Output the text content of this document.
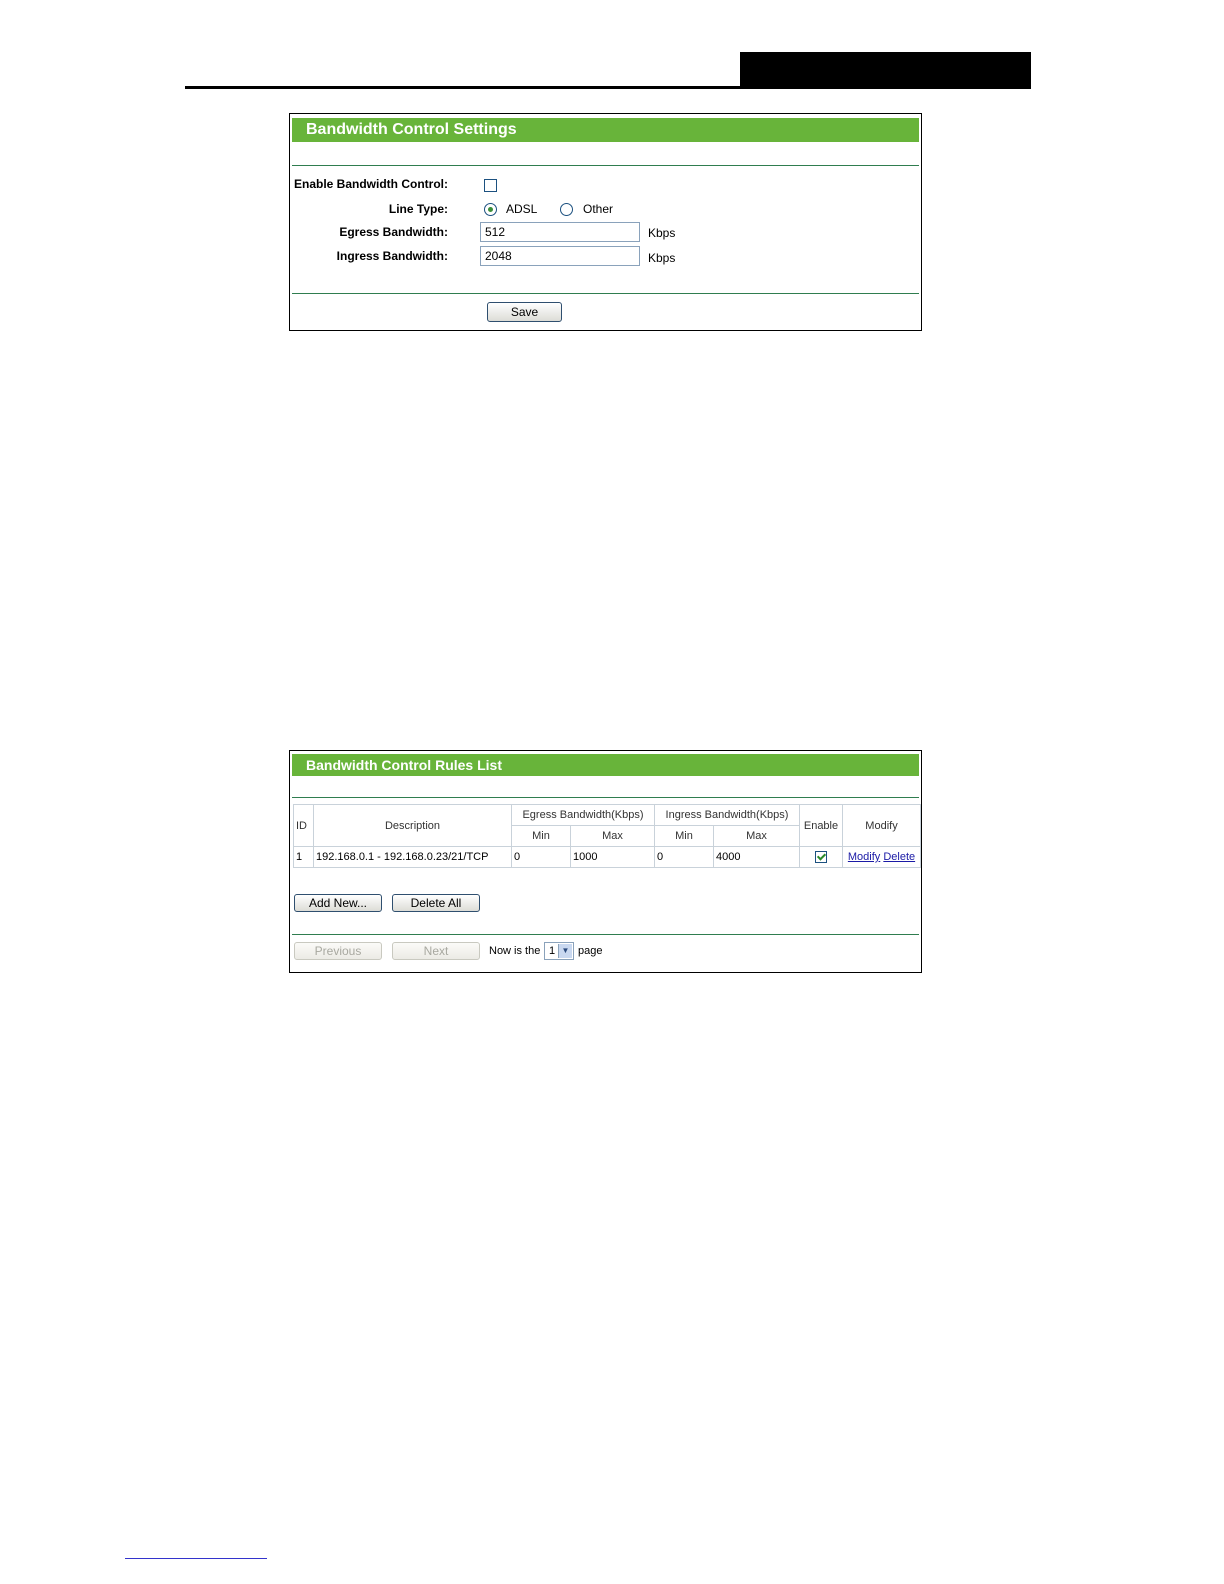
Bandwidth Control Settings
Enable Bandwidth Control:
Line Type:	ADSL	Other
Egress Bandwidth:
512	Kbps
Ingress Bandwidth:
2048	Kbps
Save
Bandwidth Control Rules List
ID	Description	Egress Bandwidth(Kbps)		Ingress Bandwidth(Kbps)		Enable	Modify
		Min	Max	Min	Max		
1	192.168.0.1 - 192.168.0.23/21/TCP	0	1000	0	4000		Modify Delete
Add New...	Delete All
Previous	Next	Now is the 1 ▼ page
